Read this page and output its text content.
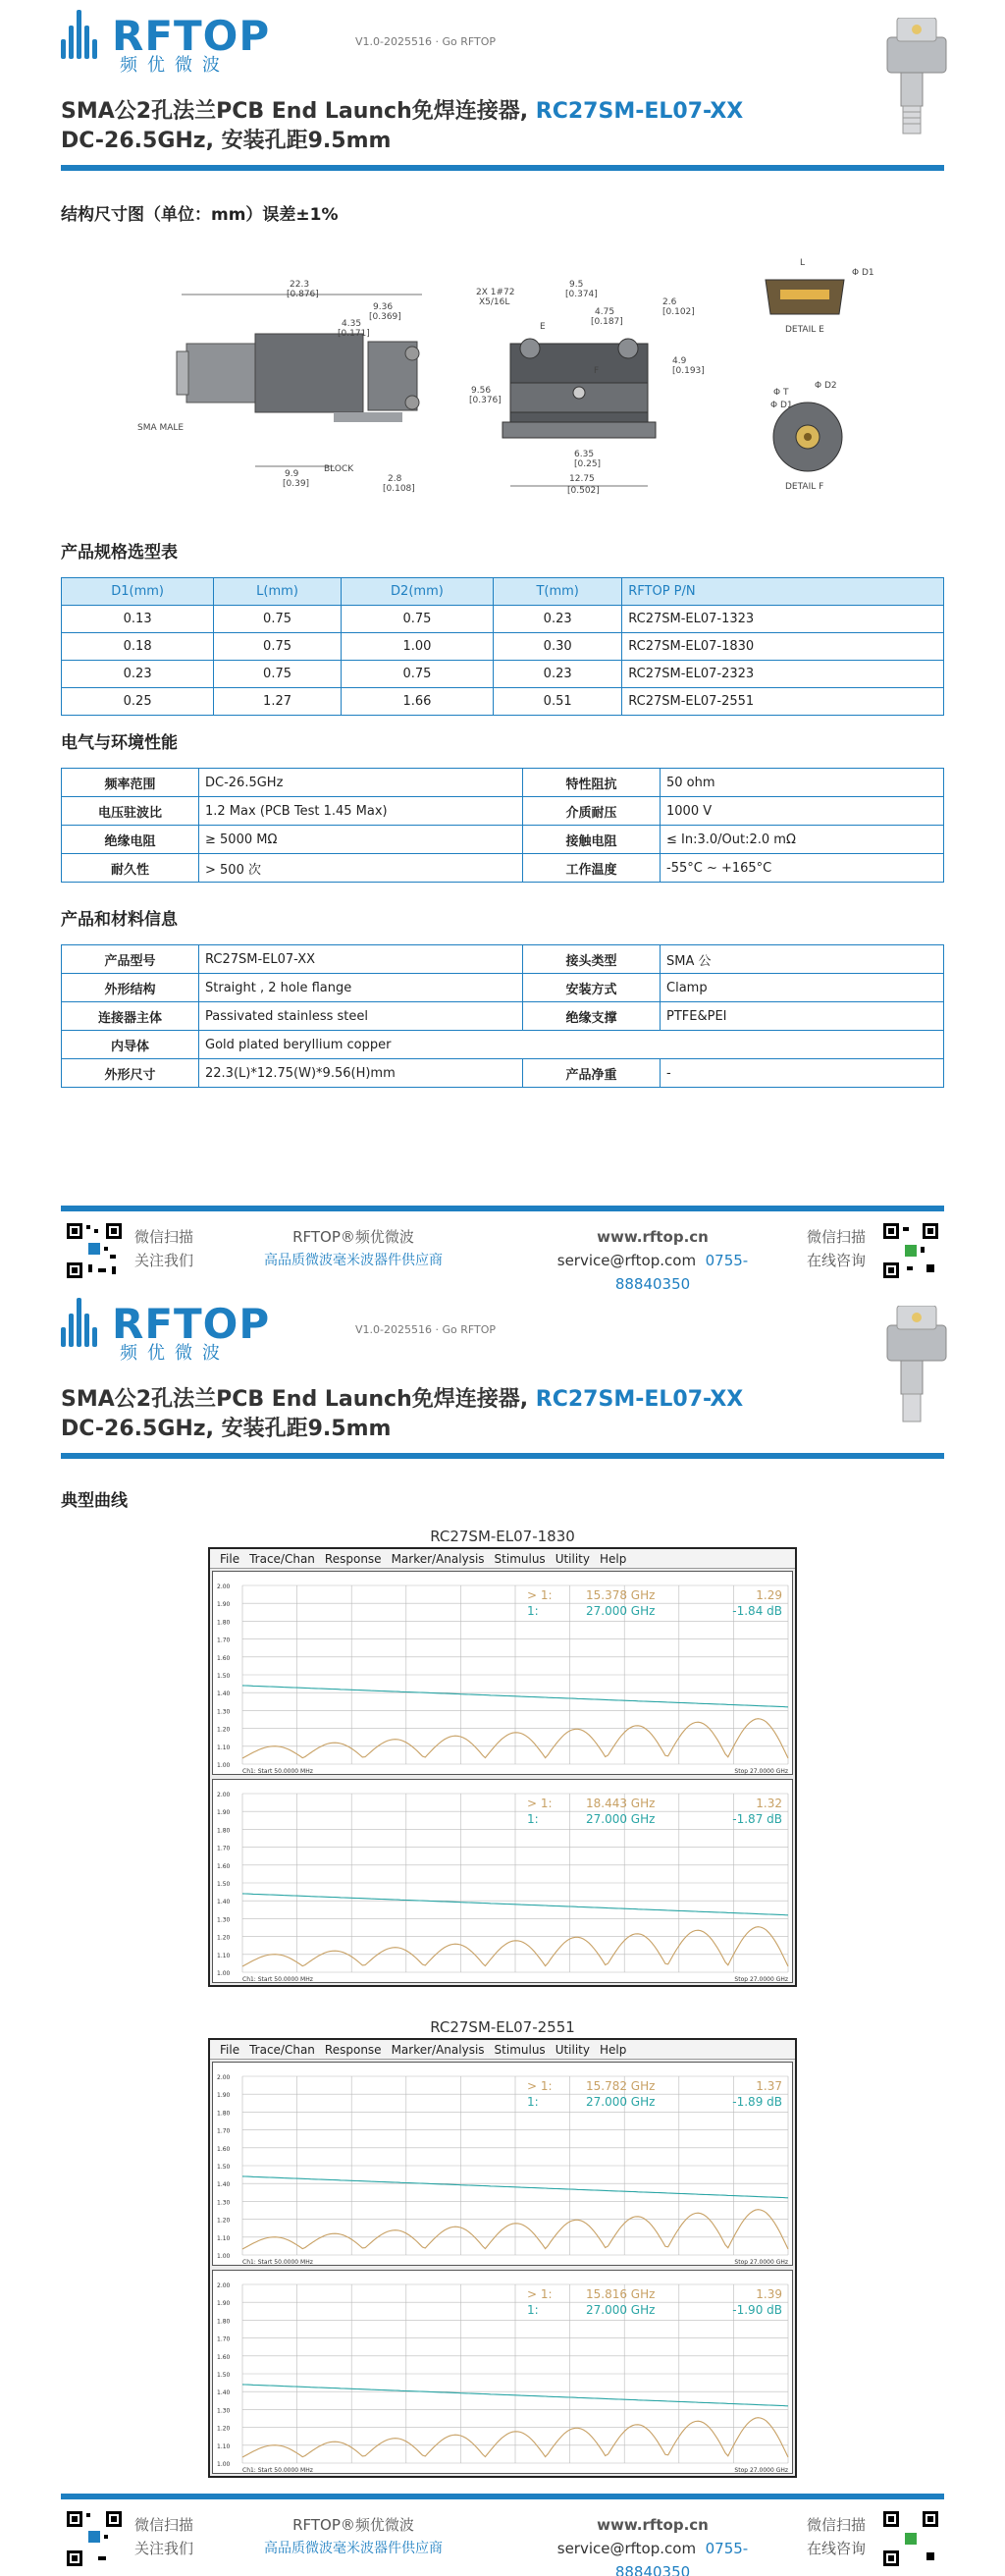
RFTOP
频优微波
V1.0-2025516 · Go RFTOP
SMA公2孔法兰PCB End Launch免焊连接器, RC27SM-EL07-XX
DC-26.5GHz, 安装孔距9.5mm
结构尺寸图（单位：mm）误差±1%
22.3
[0.876]
9.36
[0.369]
4.35
[0.171]
9.9
[0.39]	2.8
[0.108]
SMA MALE
BLOCK
2X 1#72
X5/16L
9.5
[0.374]
4.75
[0.187]
2.6
[0.102]
4.9
[0.193]
9.56
[0.376]
6.35
[0.25]
12.75
[0.502]
E
F
L
Φ D1
DETAIL E
Φ T
Φ D2
Φ D1
DETAIL F
产品规格选型表
D1(mm)	L(mm)	D2(mm)	T(mm)	RFTOP P/N
0.13	0.75	0.75	0.23	RC27SM-EL07-1323
0.18	0.75	1.00	0.30	RC27SM-EL07-1830
0.23	0.75	0.75	0.23	RC27SM-EL07-2323
0.25	1.27	1.66	0.51	RC27SM-EL07-2551
电气与环境性能
频率范围	DC-26.5GHz	特性阻抗	50 ohm
电压驻波比	1.2 Max (PCB Test 1.45 Max)	介质耐压	1000 V
绝缘电阻	≥ 5000 MΩ	接触电阻	≤ In:3.0/Out:2.0 mΩ
耐久性	> 500 次	工作温度	-55°C ~ +165°C
产品和材料信息
产品型号	RC27SM-EL07-XX	接头类型	SMA 公
外形结构	Straight , 2 hole flange	安装方式	Clamp
连接器主体	Passivated stainless steel	绝缘支撑	PTFE&PEI
内导体	Gold plated beryllium copper		
外形尺寸	22.3(L)*12.75(W)*9.56(H)mm	产品净重	-
微信扫描
关注我们
RFTOP®频优微波
高品质微波毫米波器件供应商
www.rftop.cn
service@rftop.com 0755-88840350
微信扫描
在线咨询
RFTOP
频优微波
V1.0-2025516 · Go RFTOP
SMA公2孔法兰PCB End Launch免焊连接器, RC27SM-EL07-XX
DC-26.5GHz, 安装孔距9.5mm
典型曲线
RC27SM-EL07-1830
File Trace/Chan Response Marker/Analysis Stimulus Utility Help
2.00
1.90
1.80
1.70
1.60
1.50
1.40
1.30
1.20
1.10
1.00
> 1:	15.378 GHz	1.29
1:	27.000 GHz	-1.84 dB
Ch1: Start 50.0000 MHz	Stop 27.0000 GHz
2.00
1.90
1.80
1.70
1.60
1.50
1.40
1.30
1.20
1.10
1.00
> 1:	18.443 GHz	1.32
1:	27.000 GHz	-1.87 dB
Ch1: Start 50.0000 MHz	Stop 27.0000 GHz
RC27SM-EL07-2551
File Trace/Chan Response Marker/Analysis Stimulus Utility Help
2.00
1.90
1.80
1.70
1.60
1.50
1.40
1.30
1.20
1.10
1.00
> 1:	15.782 GHz	1.37
1:	27.000 GHz	-1.89 dB
Ch1: Start 50.0000 MHz	Stop 27.0000 GHz
2.00
1.90
1.80
1.70
1.60
1.50
1.40
1.30
1.20
1.10
1.00
> 1:	15.816 GHz	1.39
1:	27.000 GHz	-1.90 dB
Ch1: Start 50.0000 MHz	Stop 27.0000 GHz
微信扫描
关注我们
RFTOP®频优微波
高品质微波毫米波器件供应商
www.rftop.cn
service@rftop.com 0755-88840350
微信扫描
在线咨询
